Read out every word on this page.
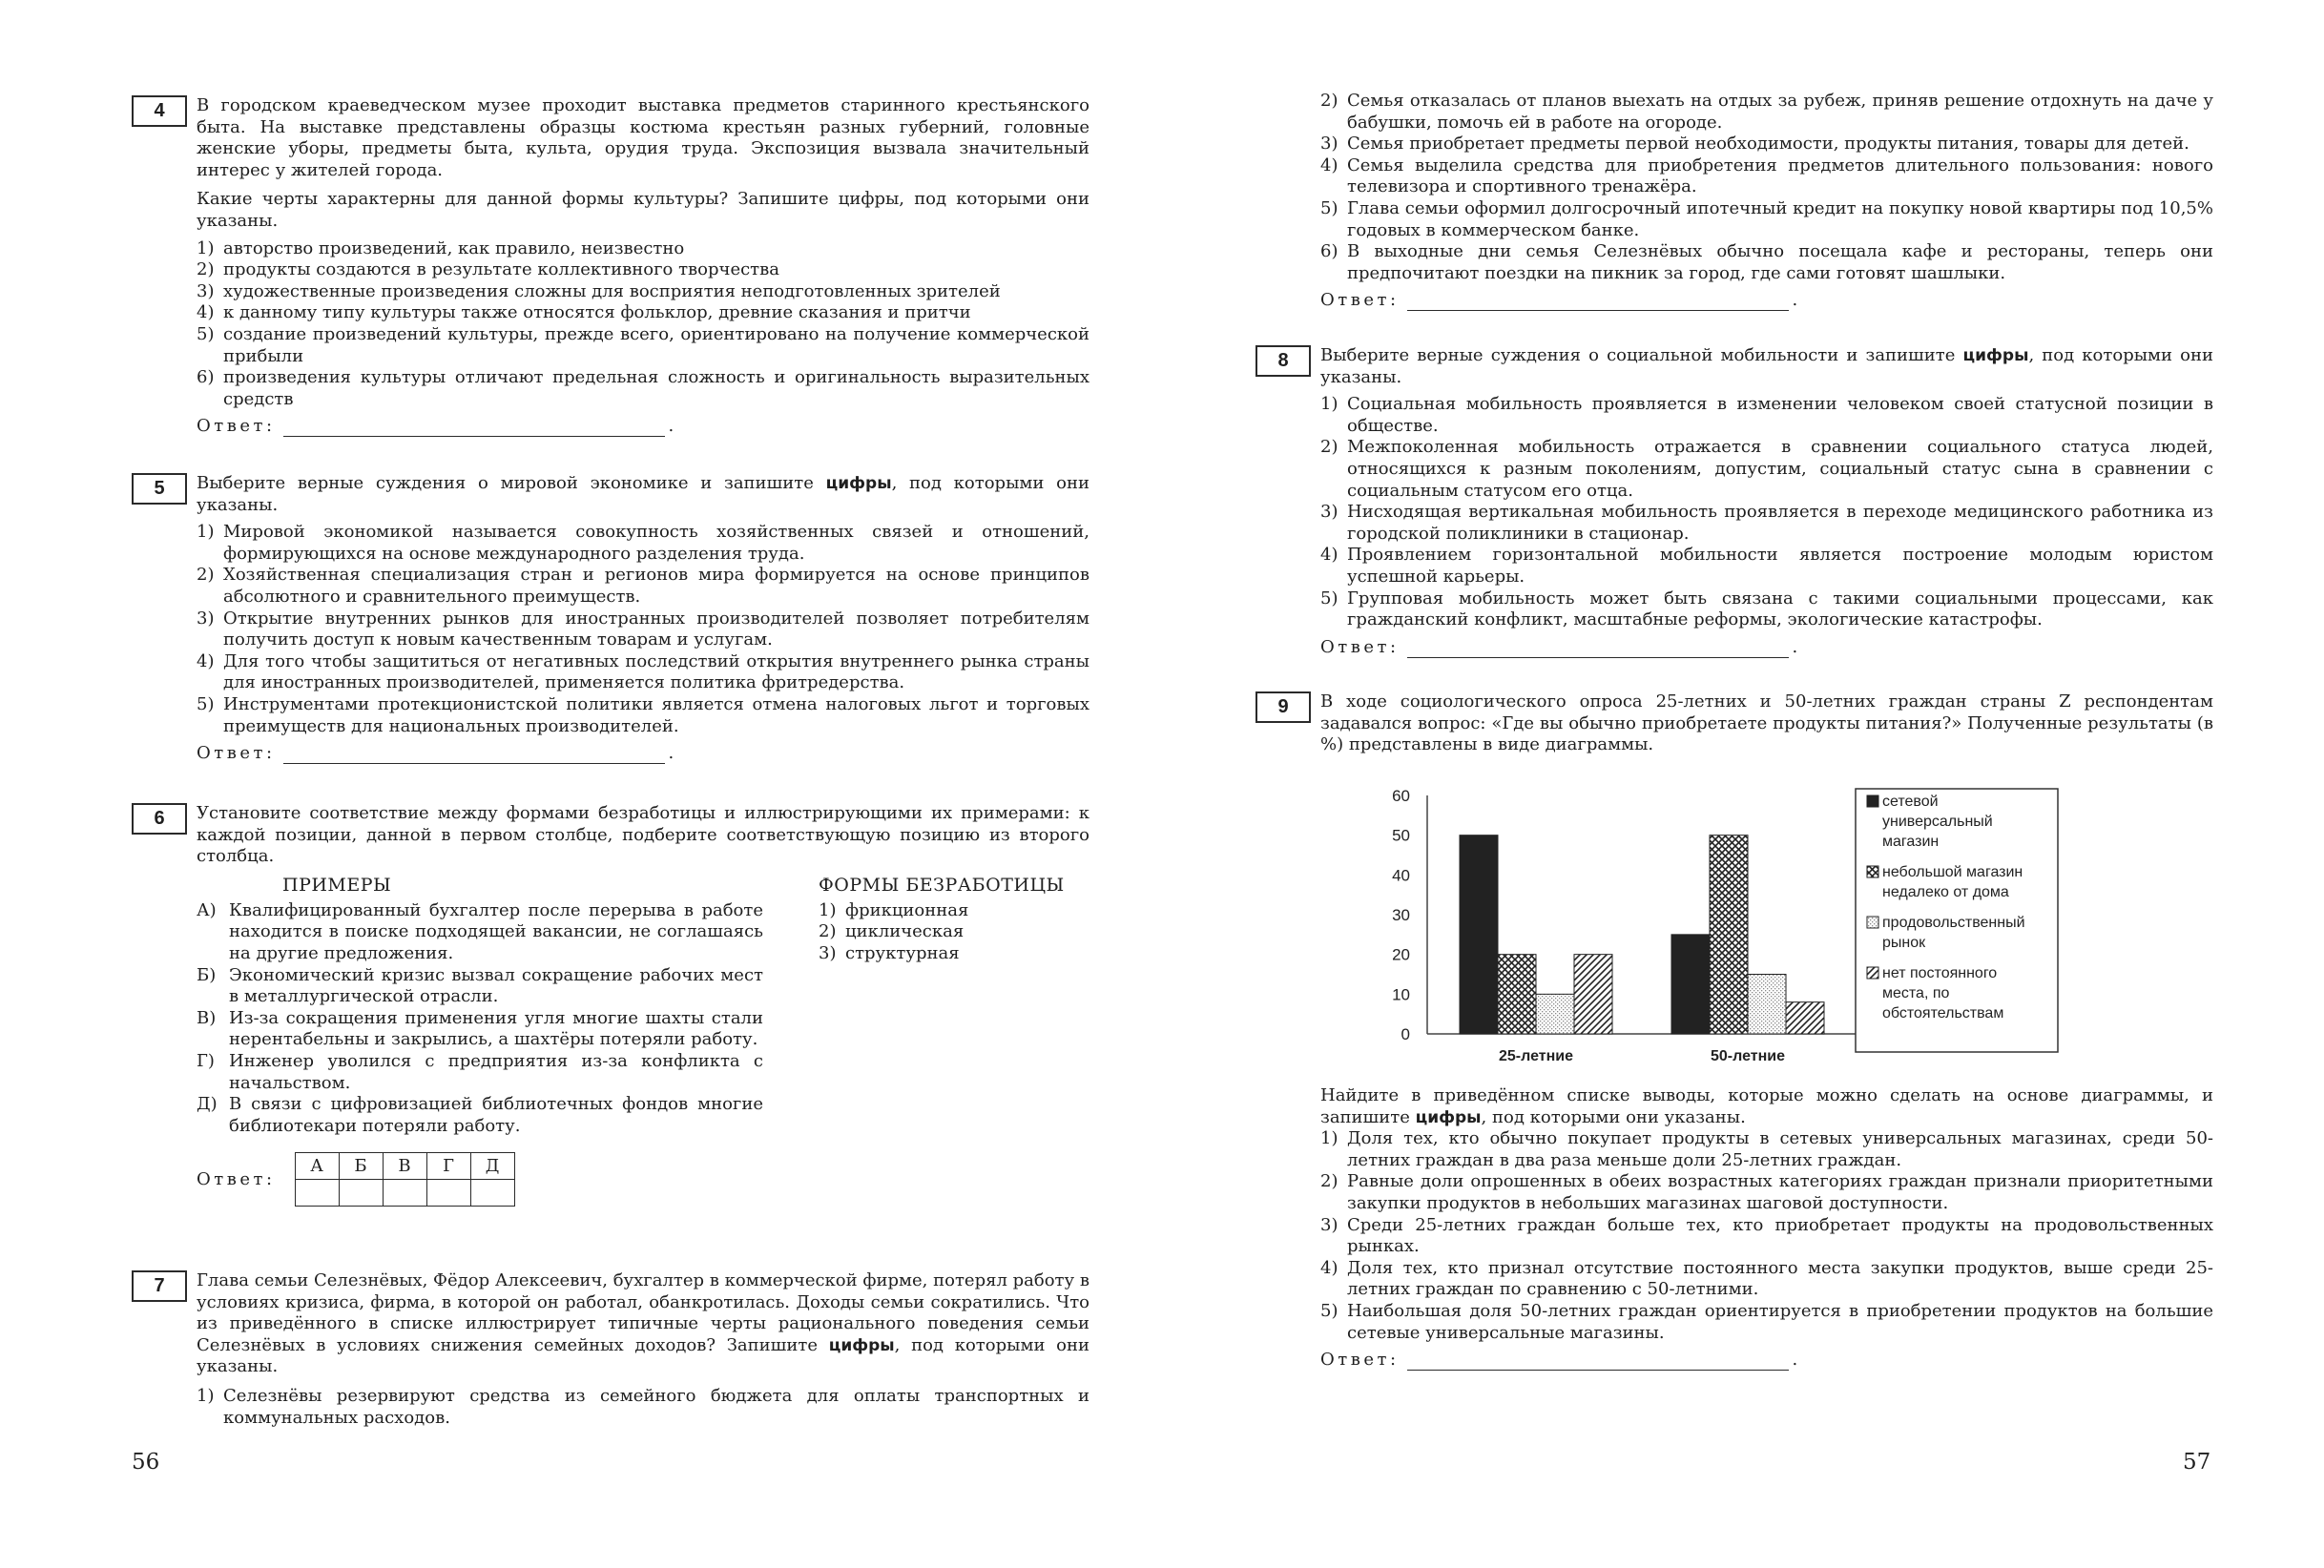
4	В городском краеведческом музее проходит выставка предметов старинного крестьянского быта. На выставке представлены образцы костюма крестьян разных губерний, головные женские уборы, предметы быта, культа, орудия труда. Экспозиция вызвала значительный интерес у жителей города.

Какие черты характерны для данной формы культуры? Запишите цифры, под которыми они указаны.

1) авторство произведений, как правило, неизвестно
2) продукты создаются в результате коллективного творчества
3) художественные произведения сложны для восприятия неподготовленных зрителей
4) к данному типу культуры также относятся фольклор, древние сказания и притчи
5) создание произведений культуры, прежде всего, ориентировано на получение коммерческой прибыли
6) произведения культуры отличают предельная сложность и оригинальность выразительных средств
Ответ:	.
5	Выберите верные суждения о мировой экономике и запишите цифры, под которыми они указаны.

1) Мировой экономикой называется совокупность хозяйственных связей и отношений, формирующихся на основе международного разделения труда.
2) Хозяйственная специализация стран и регионов мира формируется на основе принципов абсолютного и сравнительного преимуществ.
3) Открытие внутренних рынков для иностранных производителей позволяет потребителям получить доступ к новым качественным товарам и услугам.
4) Для того чтобы защититься от негативных последствий открытия внутреннего рынка страны для иностранных производителей, применяется политика фритредерства.
5) Инструментами протекционистской политики является отмена налоговых льгот и торговых преимуществ для национальных производителей.
Ответ:	.
6	Установите соответствие между формами безработицы и иллюстрирующими их примерами: к каждой позиции, данной в первом столбце, подберите соответствующую позицию из второго столбца.

ПРИМЕРЫ
А) Квалифицированный бухгалтер после перерыва в работе находится в поиске подходящей вакансии, не соглашаясь на другие предложения.
Б) Экономический кризис вызвал сокращение рабочих мест в металлургической отрасли.
В) Из-за сокращения применения угля многие шахты стали нерентабельны и закрылись, а шахтёры потеряли работу.
Г) Инженер уволился с предприятия из-за конфликта с начальством.
Д) В связи с цифровизацией библиотечных фондов многие библиотекари потеряли работу.
ФОРМЫ БЕЗРАБОТИЦЫ
1) фрикционная
2) циклическая
3) структурная
Ответ:
А	Б	В	Г	Д

7	Глава семьи Селезнёвых, Фёдор Алексеевич, бухгалтер в коммерческой фирме, потерял работу в условиях кризиса, фирма, в которой он работал, обанкротилась. Доходы семьи сократились. Что из приведённого в списке иллюстрирует типичные черты рационального поведения семьи Селезнёвых в условиях снижения семейных доходов? Запишите цифры, под которыми они указаны.

1) Селезнёвы резервируют средства из семейного бюджета для оплаты транспортных и коммунальных расходов.
56
2) Семья отказалась от планов выехать на отдых за рубеж, приняв решение отдохнуть на даче у бабушки, помочь ей в работе на огороде.
3) Семья приобретает предметы первой необходимости, продукты питания, товары для детей.
4) Семья выделила средства для приобретения предметов длительного пользования: нового телевизора и спортивного тренажёра.
5) Глава семьи оформил долгосрочный ипотечный кредит на покупку новой квартиры под 10,5% годовых в коммерческом банке.
6) В выходные дни семья Селезнёвых обычно посещала кафе и рестораны, теперь они предпочитают поездки на пикник за город, где сами готовят шашлыки.
Ответ:	.
8	Выберите верные суждения о социальной мобильности и запишите цифры, под которыми они указаны.

1) Социальная мобильность проявляется в изменении человеком своей статусной позиции в обществе.
2) Межпоколенная мобильность отражается в сравнении социального статуса людей, относящихся к разным поколениям, допустим, социальный статус сына в сравнении с социальным статусом его отца.
3) Нисходящая вертикальная мобильность проявляется в переходе медицинского работника из городской поликлиники в стационар.
4) Проявлением горизонтальной мобильности является построение молодым юристом успешной карьеры.
5) Групповая мобильность может быть связана с такими социальными процессами, как гражданский конфликт, масштабные реформы, экологические катастрофы.
Ответ:	.
9	В ходе социологического опроса 25-летних и 50-летних граждан страны Z респондентам задавался вопрос: «Где вы обычно приобретаете продукты питания?» Полученные результаты (в %) представлены в виде диаграммы.

Найдите в приведённом списке выводы, которые можно сделать на основе диаграммы, и запишите цифры, под которыми они указаны.

1) Доля тех, кто обычно покупает продукты в сетевых универсальных магазинах, среди 50-летних граждан в два раза меньше доли 25-летних граждан.
2) Равные доли опрошенных в обеих возрастных категориях граждан признали приоритетными закупки продуктов в небольших магазинах шаговой доступности.
3) Среди 25-летних граждан больше тех, кто приобретает продукты на продовольственных рынках.
4) Доля тех, кто признал отсутствие постоянного места закупки продуктов, выше среди 25-летних граждан по сравнению с 50-летними.
5) Наибольшая доля 50-летних граждан ориентируется в приобретении продуктов на большие сетевые универсальные магазины.
Ответ:	.
57
0
10
20
30
40
50
60
25-летние	50-летние
сетевой
универсальный
магазин
небольшой магазин
недалеко от дома
продовольственный
рынок
нет постоянного
места, по
обстоятельствам
